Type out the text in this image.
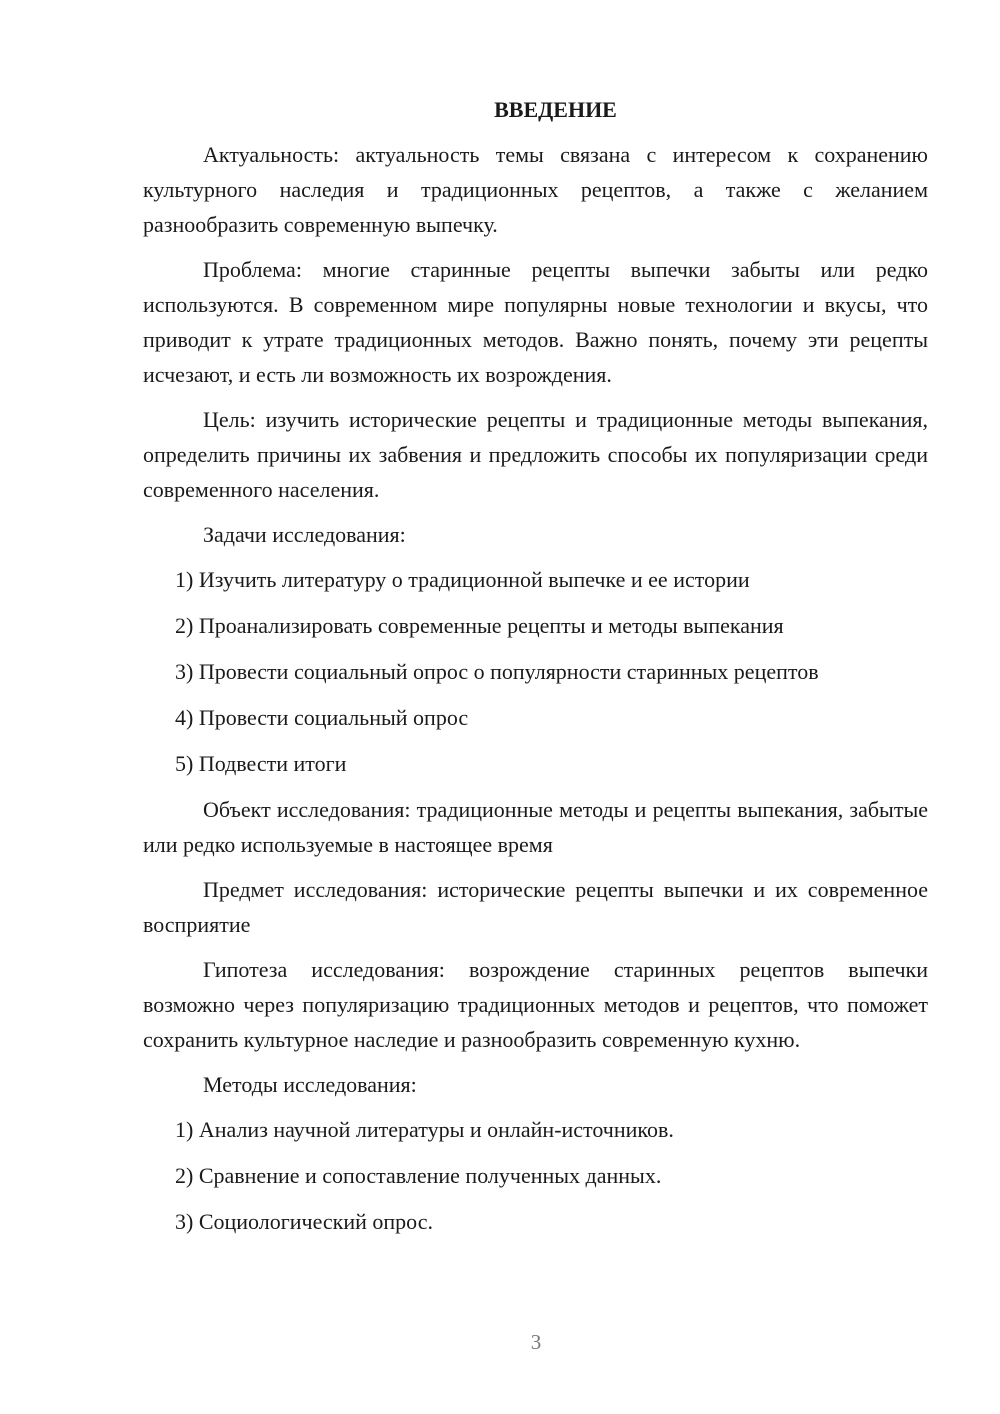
ВВЕДЕНИЕ

Актуальность: актуальность темы связана с интересом к сохранению культурного наследия и традиционных рецептов, а также с желанием разнообразить современную выпечку.

Проблема: многие старинные рецепты выпечки забыты или редко используются. В современном мире популярны новые технологии и вкусы, что приводит к утрате традиционных методов. Важно понять, почему эти рецепты исчезают, и есть ли возможность их возрождения.

Цель: изучить исторические рецепты и традиционные методы выпекания, определить причины их забвения и предложить способы их популяризации среди современного населения.

Задачи исследования:

1) Изучить литературу о традиционной выпечке и ее истории
2) Проанализировать современные рецепты и методы выпекания
3) Провести социальный опрос о популярности старинных рецептов
4) Провести социальный опрос
5) Подвести итоги

Объект исследования: традиционные методы и рецепты выпекания, забытые или редко используемые в настоящее время

Предмет исследования: исторические рецепты выпечки и их современное восприятие

Гипотеза исследования: возрождение старинных рецептов выпечки возможно через популяризацию традиционных методов и рецептов, что поможет сохранить культурное наследие и разнообразить современную кухню.

Методы исследования:

1) Анализ научной литературы и онлайн-источников.
2) Сравнение и сопоставление полученных данных.
3) Социологический опрос.
3
